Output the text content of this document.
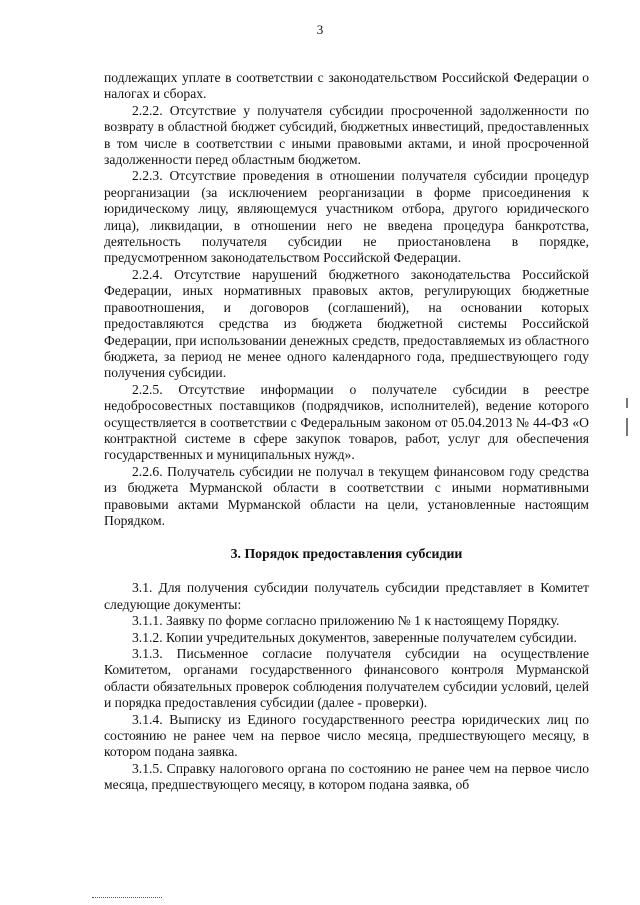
3

подлежащих уплате в соответствии с законодательством Российской Федерации о налогах и сборах.

2.2.2. Отсутствие у получателя субсидии просроченной задолженности по возврату в областной бюджет субсидий, бюджетных инвестиций, предоставленных в том числе в соответствии с иными правовыми актами, и иной просроченной задолженности перед областным бюджетом.

2.2.3. Отсутствие проведения в отношении получателя субсидии процедур реорганизации (за исключением реорганизации в форме присоединения к юридическому лицу, являющемуся участником отбора, другого юридического лица), ликвидации, в отношении него не введена процедура банкротства, деятельность получателя субсидии не приостановлена в порядке, предусмотренном законодательством Российской Федерации.

2.2.4. Отсутствие нарушений бюджетного законодательства Российской Федерации, иных нормативных правовых актов, регулирующих бюджетные правоотношения, и договоров (соглашений), на основании которых предоставляются средства из бюджета бюджетной системы Российской Федерации, при использовании денежных средств, предоставляемых из областного бюджета, за период не менее одного календарного года, предшествующего году получения субсидии.

2.2.5. Отсутствие информации о получателе субсидии в реестре недобросовестных поставщиков (подрядчиков, исполнителей), ведение которого осуществляется в соответствии с Федеральным законом от 05.04.2013 № 44-ФЗ «О контрактной системе в сфере закупок товаров, работ, услуг для обеспечения государственных и муниципальных нужд».

2.2.6. Получатель субсидии не получал в текущем финансовом году средства из бюджета Мурманской области в соответствии с иными нормативными правовыми актами Мурманской области на цели, установленные настоящим Порядком.

3. Порядок предоставления субсидии

3.1. Для получения субсидии получатель субсидии представляет в Комитет следующие документы:

3.1.1. Заявку по форме согласно приложению № 1 к настоящему Порядку.

3.1.2. Копии учредительных документов, заверенные получателем субсидии.

3.1.3. Письменное согласие получателя субсидии на осуществление Комитетом, органами государственного финансового контроля Мурманской области обязательных проверок соблюдения получателем субсидии условий, целей и порядка предоставления субсидии (далее - проверки).

3.1.4. Выписку из Единого государственного реестра юридических лиц по состоянию не ранее чем на первое число месяца, предшествующего месяцу, в котором подана заявка.

3.1.5. Справку налогового органа по состоянию не ранее чем на первое число месяца, предшествующего месяцу, в котором подана заявка, об
